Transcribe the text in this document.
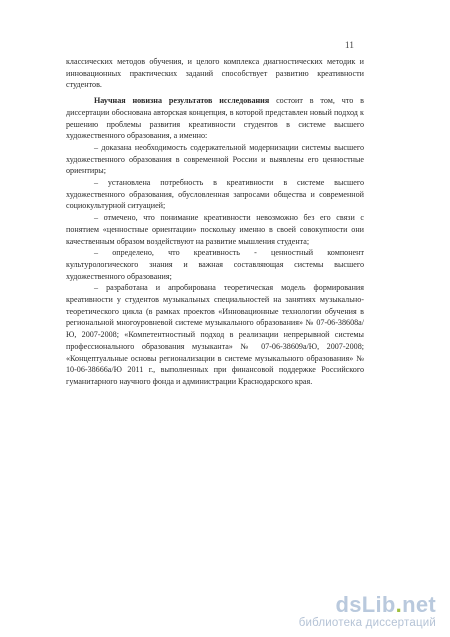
11

классических методов обучения, и целого комплекса диагностических методик и инновационных практических заданий способствует развитию креативности студентов.

Научная новизна результатов исследования состоит в том, что в диссертации обоснована авторская концепция, в которой представлен новый подход к решению проблемы развития креативности студентов в системе высшего художественного образования, а именно:

– доказана необходимость содержательной модернизации системы высшего художественного образования в современной России и выявлены его ценностные ориентиры;

– установлена потребность в креативности в системе высшего художественного образования, обусловленная запросами общества и современной социокультурной ситуацией;

– отмечено, что понимание креативности невозможно без его связи с понятием «ценностные ориентации» поскольку именно в своей совокупности они качественным образом воздействуют на развитие мышления студента;

– определено, что креативность - ценностный компонент культурологического знания и важная составляющая системы высшего художественного образования;

– разработана и апробирована теоретическая модель формирования креативности у студентов музыкальных специальностей на занятиях музыкально-теоретического цикла (в рамках проектов «Инновационные технологии обучения в региональной многоуровневой системе музыкального образования» № 07-06-38608а/Ю, 2007-2008; «Компетентностный подход в реализации непрерывной системы профессионального образования музыканта» № 07-06-38609а/Ю, 2007-2008; «Концептуальные основы регионализации в системе музыкального образования» № 10-06-38666а/Ю 2011 г., выполненных при финансовой поддержке Российского гуманитарного научного фонда и администрации Краснодарского края.

dsLib.net
библиотека диссертаций
